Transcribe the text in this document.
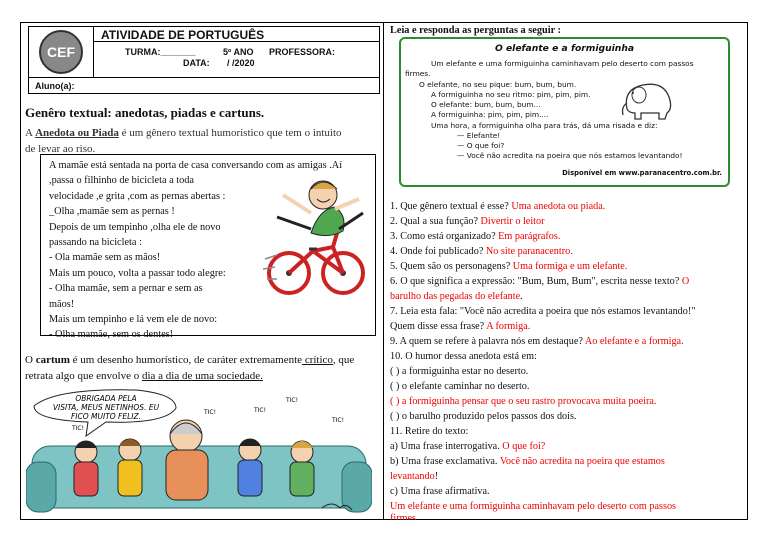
CEF
ATIVIDADE DE PORTUGUÊS
TURMA:_______	5º ANO PROFESSORA:
DATA: / /2020
Aluno(a):
Genêro textual: anedotas, piadas e cartuns.
A Anedota ou Piada é um gênero textual humorístico que tem o intuito
de levar ao riso.
A mamãe está sentada na porta de casa conversando com as amigas .Aí
,passa o filhinho de bicicleta a toda
velocidade ,e grita ,com as pernas abertas :
_Olha ,mamãe sem as pernas !
Depois de um tempinho ,olha ele de novo
passando na bicicleta :
- Ola mamãe sem as mãos!
Mais um pouco, volta a passar todo alegre:
- Olha mamãe, sem a pernar e sem as
mãos!
Mais um tempinho e lá vem ele de novo:
- Olha mamãe, sem os dentes!
O cartum é um desenho humorístico, de caráter extremamente crítico, que
retrata algo que envolve o dia a dia de uma sociedade.
OBRIGADA PELA
VISITA, MEUS NETINHOS. EU
FICO MUITO FELIZ.	TIC!	TIC!
TIC!
TIC!
TIC!
Leia e responda as perguntas a seguir :
O elefante e a formiguinha
Um elefante e uma formiguinha caminhavam pelo deserto com passos
firmes.
O elefante, no seu pique: bum, bum, bum.
A formiguinha no seu ritmo: pim, pim, pim.
O elefante: bum, bum, bum...
A formiguinha: pim, pim, pim....
Uma hora, a formiguinha olha para trás, dá uma risada e diz:
— Elefante!
— O que foi?
— Você não acredita na poeira que nós estamos levantando!
Disponível em www.paranacentro.com.br.
1. Que gênero textual é esse? Uma anedota ou piada.
2. Qual a sua função? Divertir o leitor
3. Como está organizado? Em parágrafos.
4. Onde foi publicado? No site paranacentro.
5. Quem são os personagens? Uma formiga e um elefante.
6. O que significa a expressão: "Bum, Bum, Bum", escrita nesse texto? O
barulho das pegadas do elefante.
7. Leia esta fala: "Você não acredita a poeira que nós estamos levantando!"
Quem disse essa frase? A formiga.
9. A quem se refere à palavra nós em destaque? Ao elefante e a formiga.
10. O humor dessa anedota está em:
( ) a formiguinha estar no deserto.
( ) o elefante caminhar no deserto.
( ) a formiguinha pensar que o seu rastro provocava muita poeira.
( ) o barulho produzido pelos passos dos dois.
11. Retire do texto:
a) Uma frase interrogativa. O que foi?
b) Uma frase exclamativa. Você não acredita na poeira que estamos
levantando!
c) Uma frase afirmativa.
Um elefante e uma formiguinha caminhavam pelo deserto com passos
firmes.
